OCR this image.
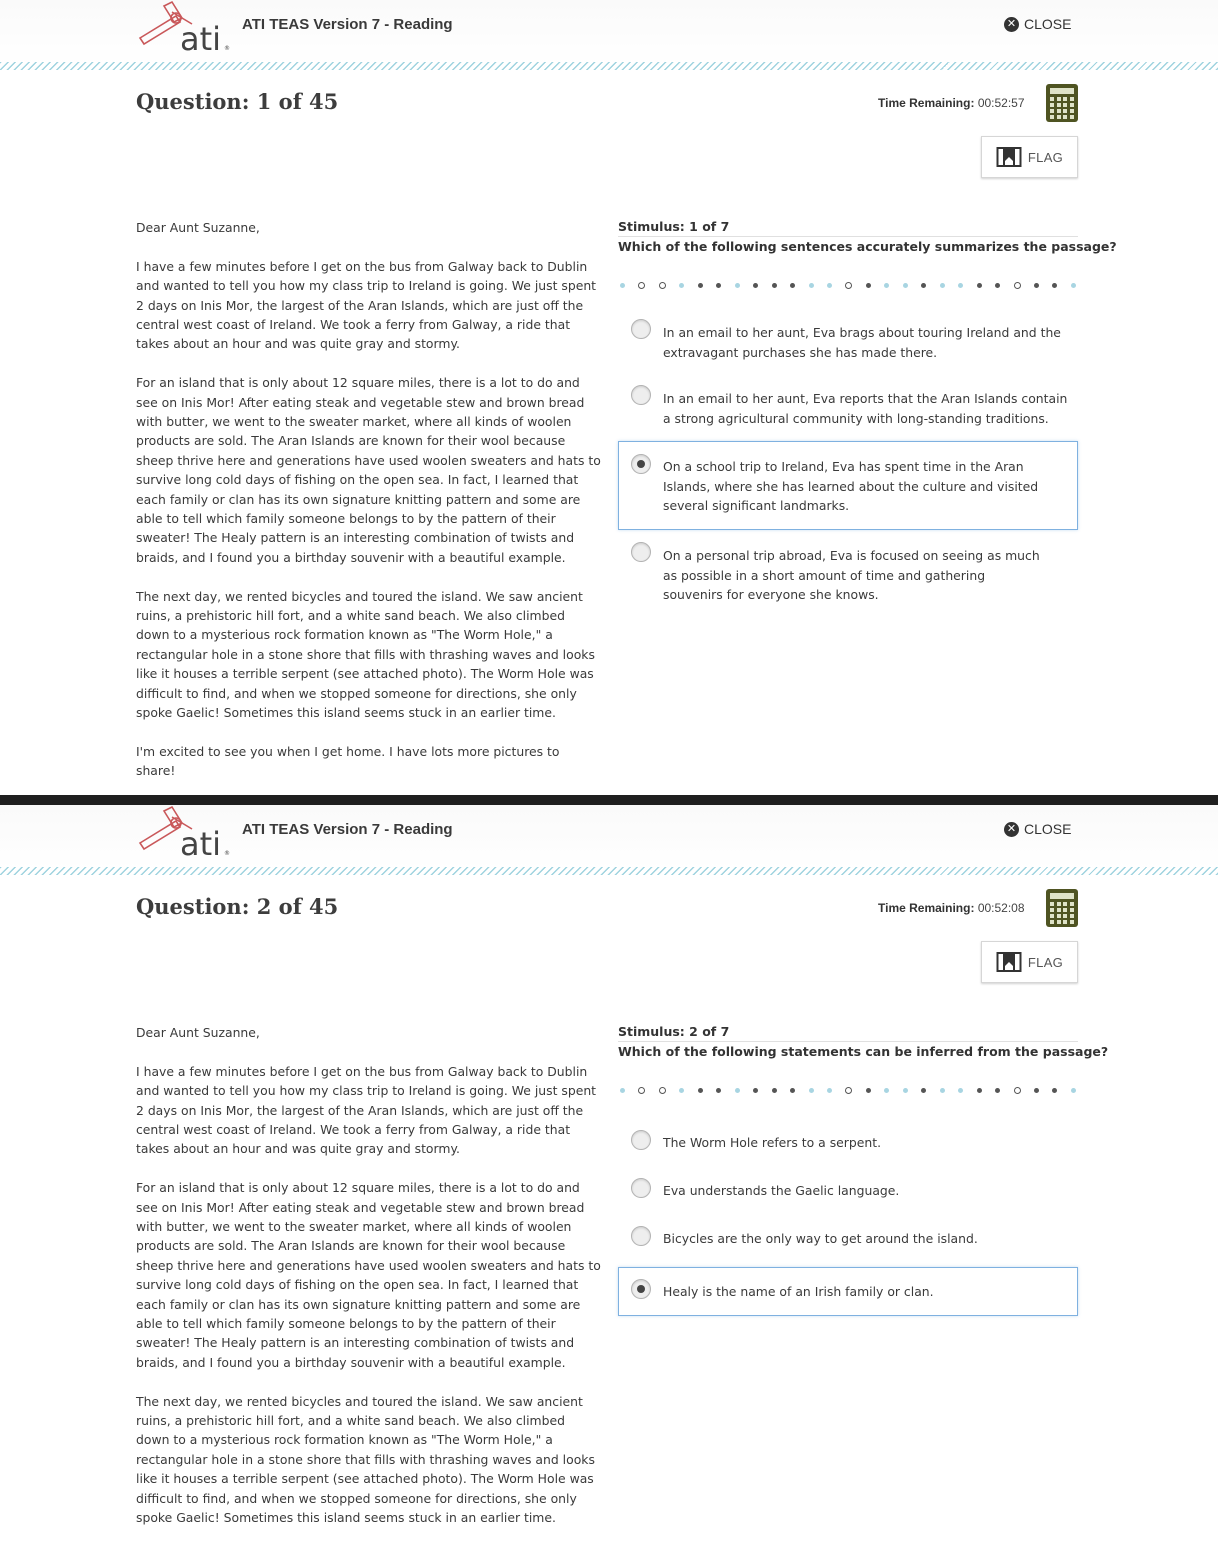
ati ®
ATI TEAS Version 7 - Reading	✕ CLOSE
Question: 1 of 45	Time Remaining: 00:52:57
FLAG

Dear Aunt Suzanne,

I have a few minutes before I get on the bus from Galway back to Dublin and wanted to tell you how my class trip to Ireland is going. We just spent 2 days on Inis Mor, the largest of the Aran Islands, which are just off the central west coast of Ireland. We took a ferry from Galway, a ride that takes about an hour and was quite gray and stormy.

For an island that is only about 12 square miles, there is a lot to do and see on Inis Mor! After eating steak and vegetable stew and brown bread with butter, we went to the sweater market, where all kinds of woolen products are sold. The Aran Islands are known for their wool because sheep thrive here and generations have used woolen sweaters and hats to survive long cold days of fishing on the open sea. In fact, I learned that each family or clan has its own signature knitting pattern and some are able to tell which family someone belongs to by the pattern of their sweater! The Healy pattern is an interesting combination of twists and braids, and I found you a birthday souvenir with a beautiful example.

The next day, we rented bicycles and toured the island. We saw ancient ruins, a prehistoric hill fort, and a white sand beach. We also climbed down to a mysterious rock formation known as "The Worm Hole," a rectangular hole in a stone shore that fills with thrashing waves and looks like it houses a terrible serpent (see attached photo). The Worm Hole was difficult to find, and when we stopped someone for directions, she only spoke Gaelic! Sometimes this island seems stuck in an earlier time.

I'm excited to see you when I get home. I have lots more pictures to share!

Stimulus: 1 of 7
Which of the following sentences accurately summarizes the passage?
In an email to her aunt, Eva brags about touring Ireland and the extravagant purchases she has made there.
In an email to her aunt, Eva reports that the Aran Islands contain a strong agricultural community with long-standing traditions.
On a school trip to Ireland, Eva has spent time in the Aran Islands, where she has learned about the culture and visited several significant landmarks.
On a personal trip abroad, Eva is focused on seeing as much as possible in a short amount of time and gathering souvenirs for everyone she knows.
ati ®
ATI TEAS Version 7 - Reading	✕ CLOSE
Question: 2 of 45	Time Remaining: 00:52:08
FLAG

Dear Aunt Suzanne,

I have a few minutes before I get on the bus from Galway back to Dublin and wanted to tell you how my class trip to Ireland is going. We just spent 2 days on Inis Mor, the largest of the Aran Islands, which are just off the central west coast of Ireland. We took a ferry from Galway, a ride that takes about an hour and was quite gray and stormy.

For an island that is only about 12 square miles, there is a lot to do and see on Inis Mor! After eating steak and vegetable stew and brown bread with butter, we went to the sweater market, where all kinds of woolen products are sold. The Aran Islands are known for their wool because sheep thrive here and generations have used woolen sweaters and hats to survive long cold days of fishing on the open sea. In fact, I learned that each family or clan has its own signature knitting pattern and some are able to tell which family someone belongs to by the pattern of their sweater! The Healy pattern is an interesting combination of twists and braids, and I found you a birthday souvenir with a beautiful example.

The next day, we rented bicycles and toured the island. We saw ancient ruins, a prehistoric hill fort, and a white sand beach. We also climbed down to a mysterious rock formation known as "The Worm Hole," a rectangular hole in a stone shore that fills with thrashing waves and looks like it houses a terrible serpent (see attached photo). The Worm Hole was difficult to find, and when we stopped someone for directions, she only spoke Gaelic! Sometimes this island seems stuck in an earlier time.

Stimulus: 2 of 7
Which of the following statements can be inferred from the passage?
The Worm Hole refers to a serpent.
Eva understands the Gaelic language.
Bicycles are the only way to get around the island.
Healy is the name of an Irish family or clan.
